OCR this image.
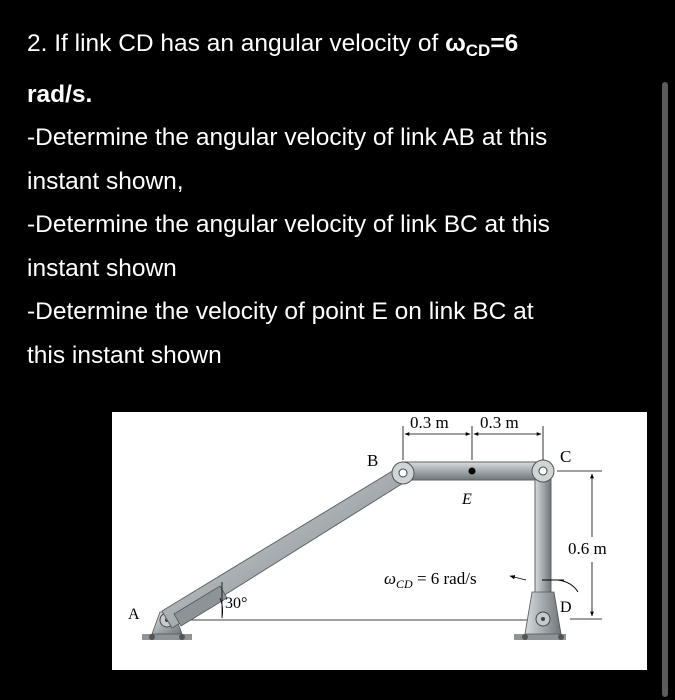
2. If link CD has an angular velocity of $\omega_{CD}=6$
rad/s.
-Determine the angular velocity of link AB at this
instant shown,
-Determine the angular velocity of link BC at this
instant shown
-Determine the velocity of point E on link BC at
this instant shown
B	C
E
D
A
30°
0.3 m 0.3 m
0.6 m
$\omega_{CD} = 6$ rad/s
